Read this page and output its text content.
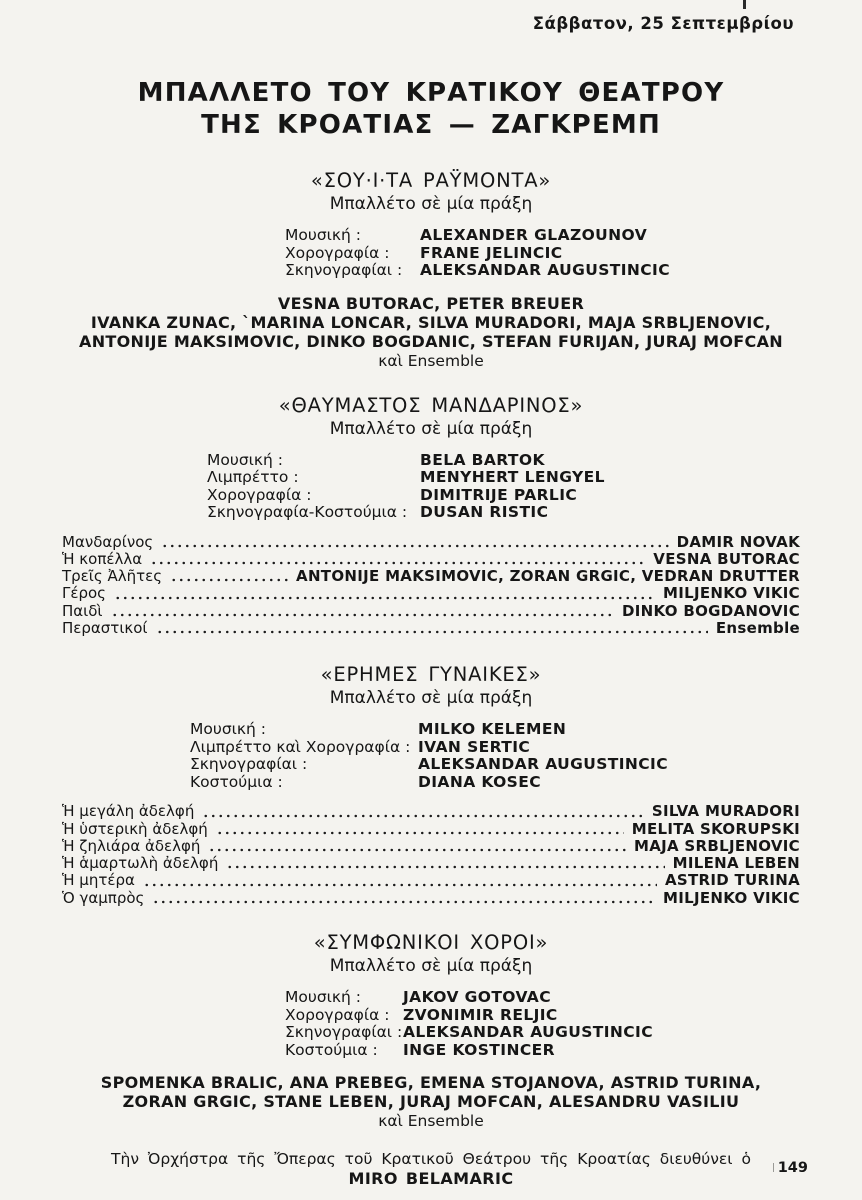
Σάββατον, 25 Σεπτεμβρίου
ΜΠΑΛΛΕΤΟ ΤΟΥ ΚΡΑΤΙΚΟΥ ΘΕΑΤΡΟΥ
ΤΗΣ ΚΡΟΑΤΙΑΣ — ΖΑΓΚΡΕΜΠ
«ΣΟΥ·Ι·ΤΑ ΡΑΫΜΟΝΤΑ»
Μπαλλέτο σὲ μία πράξη
Μουσική :	ALEXANDER GLAZOUNOV
Χορογραφία :	FRANE JELINCIC
Σκηνογραφίαι :	ALEKSANDAR AUGUSTINCIC
VESNA BUTORAC, PETER BREUER
IVANKA ZUNAC, `MARINA LONCAR, SILVA MURADORI, MAJA SRBLJENOVIC,
ANTONIJE MAKSIMOVIC, DINKO BOGDANIC, STEFAN FURIJAN, JURAJ MOFCAN
καὶ Ensemble
«ΘΑΥΜΑΣΤΟΣ ΜΑΝΔΑΡΙΝΟΣ»
Μπαλλέτο σὲ μία πράξη
Μουσική :	BELA BARTOK
Λιμπρέττο :	MENYHERT LENGYEL
Χορογραφία :	DIMITRIJE PARLIC
Σκηνογραφία-Κοστούμια : DUSAN RISTIC
Μανδαρίνος	DAMIR NOVAK
Ἡ κοπέλλα	VESNA BUTORAC
Τρεῖς Ἀλῆτες	ANTONIJE MAKSIMOVIC, ZORAN GRGIC, VEDRAN DRUTTER
Γέρος	MILJENKO VIKIC
Παιδὶ	DINKO BOGDANOVIC
Περαστικοί	Ensemble
«ΕΡΗΜΕΣ ΓΥΝΑΙΚΕΣ»
Μπαλλέτο σὲ μία πράξη
Μουσική :	MILKO KELEMEN
Λιμπρέττο καὶ Χορογραφία : IVAN SERTIC
Σκηνογραφίαι :	ALEKSANDAR AUGUSTINCIC
Κοστούμια :	DIANA KOSEC
Ἡ μεγάλη ἀδελφή	SILVA MURADORI
Ἡ ὑστερικὴ ἀδελφή	MELITA SKORUPSKI
Ἡ ζηλιάρα ἀδελφή	MAJA SRBLJENOVIC
Ἡ ἁμαρτωλὴ ἀδελφή	MILENA LEBEN
Ἡ μητέρα	ASTRID TURINA
Ὁ γαμπρὸς	MILJENKO VIKIC
«ΣΥΜΦΩΝΙΚΟΙ ΧΟΡΟΙ»
Μπαλλέτο σὲ μία πράξη
Μουσική :	JAKOV GOTOVAC
Χορογραφία : ZVONIMIR RELJIC
Σκηνογραφίαι : ALEKSANDAR AUGUSTINCIC
Κοστούμια :	INGE KOSTINCER
SPOMENKA BRALIC, ANA PREBEG, EMENA STOJANOVA, ASTRID TURINA,
ZORAN GRGIC, STANE LEBEN, JURAJ MOFCAN, ALESANDRU VASILIU
καὶ Ensemble
Τὴν Ὀρχήστρα τῆς Ὄπερας τοῦ Κρατικοῦ Θεάτρου τῆς Κροατίας διευθύνει ὁ
MIRO BELAMARIC
149
